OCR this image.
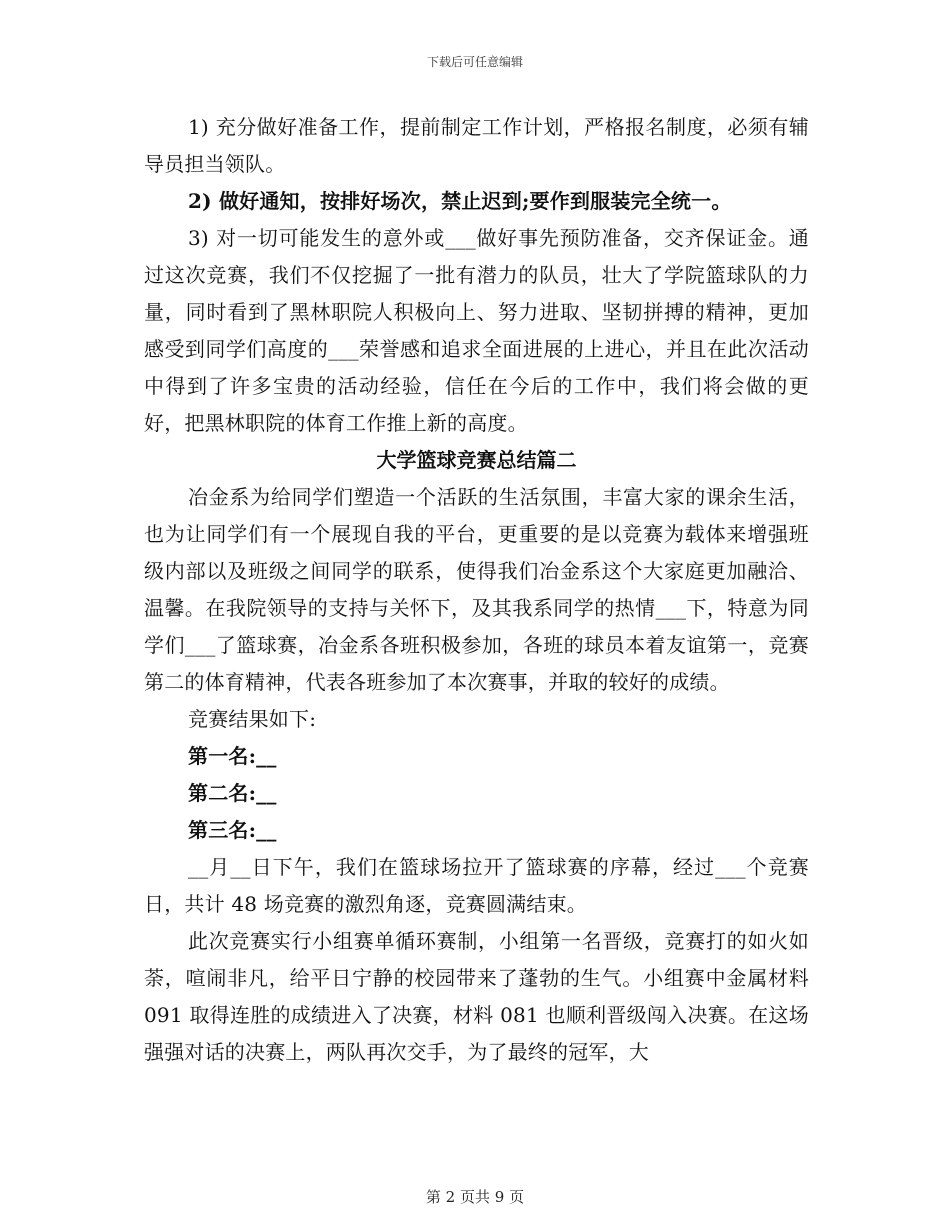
下载后可任意编辑

1) 充分做好准备工作，提前制定工作计划，严格报名制度，必须有辅导员担当领队。

2) 做好通知，按排好场次，禁止迟到;要作到服装完全统一。

3) 对一切可能发生的意外或___做好事先预防准备，交齐保证金。通过这次竞赛，我们不仅挖掘了一批有潜力的队员，壮大了学院篮球队的力量，同时看到了黑林职院人积极向上、努力进取、坚韧拼搏的精神，更加感受到同学们高度的___荣誉感和追求全面进展的上进心，并且在此次活动中得到了许多宝贵的活动经验，信任在今后的工作中，我们将会做的更好，把黑林职院的体育工作推上新的高度。

大学篮球竞赛总结篇二

冶金系为给同学们塑造一个活跃的生活氛围，丰富大家的课余生活，也为让同学们有一个展现自我的平台，更重要的是以竞赛为载体来增强班级内部以及班级之间同学的联系，使得我们冶金系这个大家庭更加融洽、温馨。在我院领导的支持与关怀下，及其我系同学的热情___下，特意为同学们___了篮球赛，冶金系各班积极参加，各班的球员本着友谊第一，竞赛第二的体育精神，代表各班参加了本次赛事，并取的较好的成绩。

竞赛结果如下:

第一名:__

第二名:__

第三名:__

__月__日下午，我们在篮球场拉开了篮球赛的序幕，经过___个竞赛日，共计 48 场竞赛的激烈角逐，竞赛圆满结束。

此次竞赛实行小组赛单循环赛制，小组第一名晋级，竞赛打的如火如荼，喧闹非凡，给平日宁静的校园带来了蓬勃的生气。小组赛中金属材料 091 取得连胜的成绩进入了决赛，材料 081 也顺利晋级闯入决赛。在这场强强对话的决赛上，两队再次交手，为了最终的冠军，大

第 2 页共 9 页
